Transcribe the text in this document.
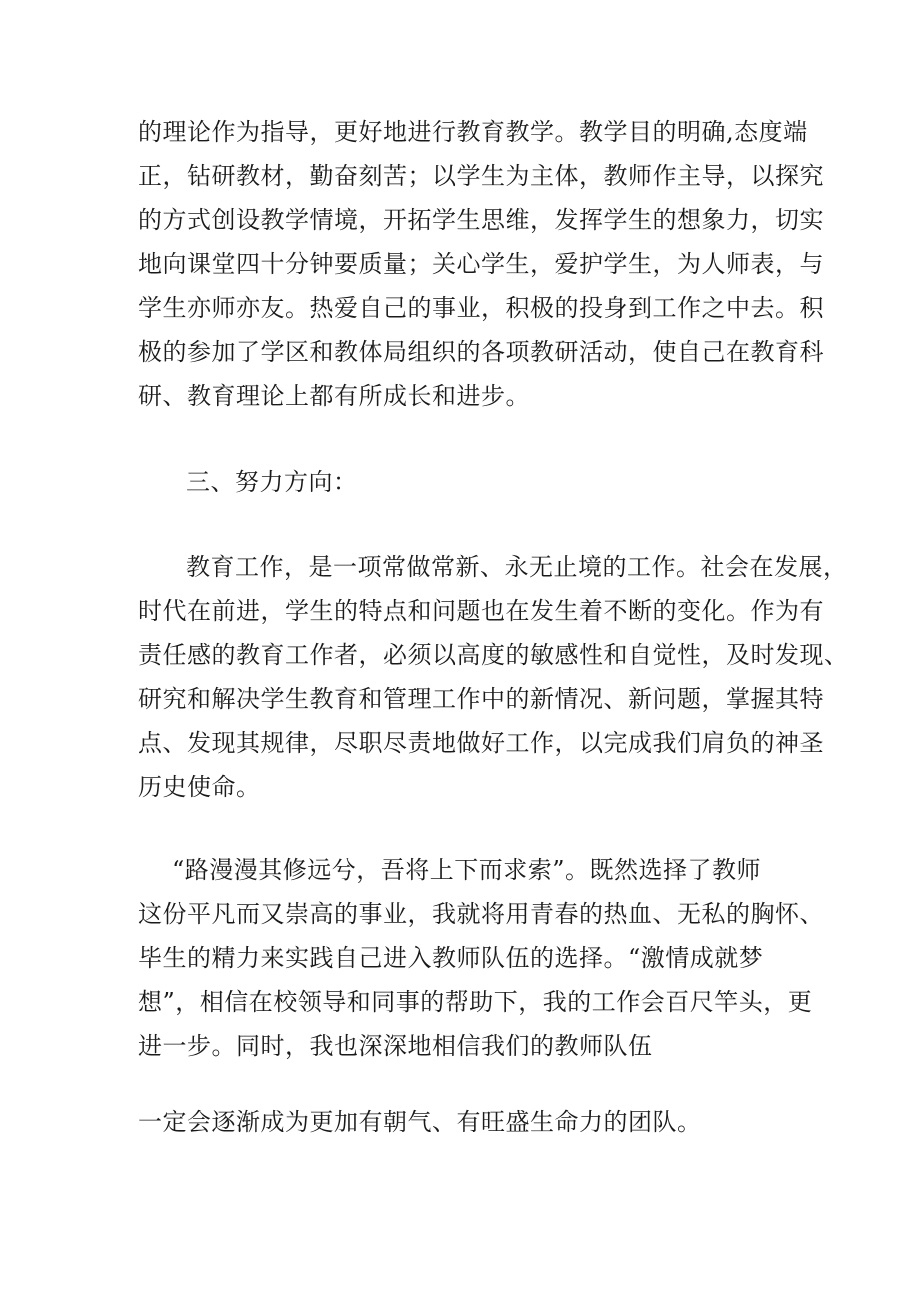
的理论作为指导，更好地进行教育教学。教学目的明确,态度端
正，钻研教材，勤奋刻苦；以学生为主体，教师作主导，以探究
的方式创设教学情境，开拓学生思维，发挥学生的想象力，切实
地向课堂四十分钟要质量；关心学生，爱护学生，为人师表，与
学生亦师亦友。热爱自己的事业，积极的投身到工作之中去。积
极的参加了学区和教体局组织的各项教研活动，使自己在教育科
研、教育理论上都有所成长和进步。
三、努力方向：
教育工作，是一项常做常新、永无止境的工作。社会在发展，
时代在前进，学生的特点和问题也在发生着不断的变化。作为有
责任感的教育工作者，必须以高度的敏感性和自觉性，及时发现、
研究和解决学生教育和管理工作中的新情况、新问题，掌握其特
点、发现其规律，尽职尽责地做好工作，以完成我们肩负的神圣
历史使命。
“路漫漫其修远兮，吾将上下而求索”。既然选择了教师
这份平凡而又崇高的事业，我就将用青春的热血、无私的胸怀、
毕生的精力来实践自己进入教师队伍的选择。“激情成就梦
想”，相信在校领导和同事的帮助下，我的工作会百尺竿头，更
进一步。同时，我也深深地相信我们的教师队伍
一定会逐渐成为更加有朝气、有旺盛生命力的团队。
